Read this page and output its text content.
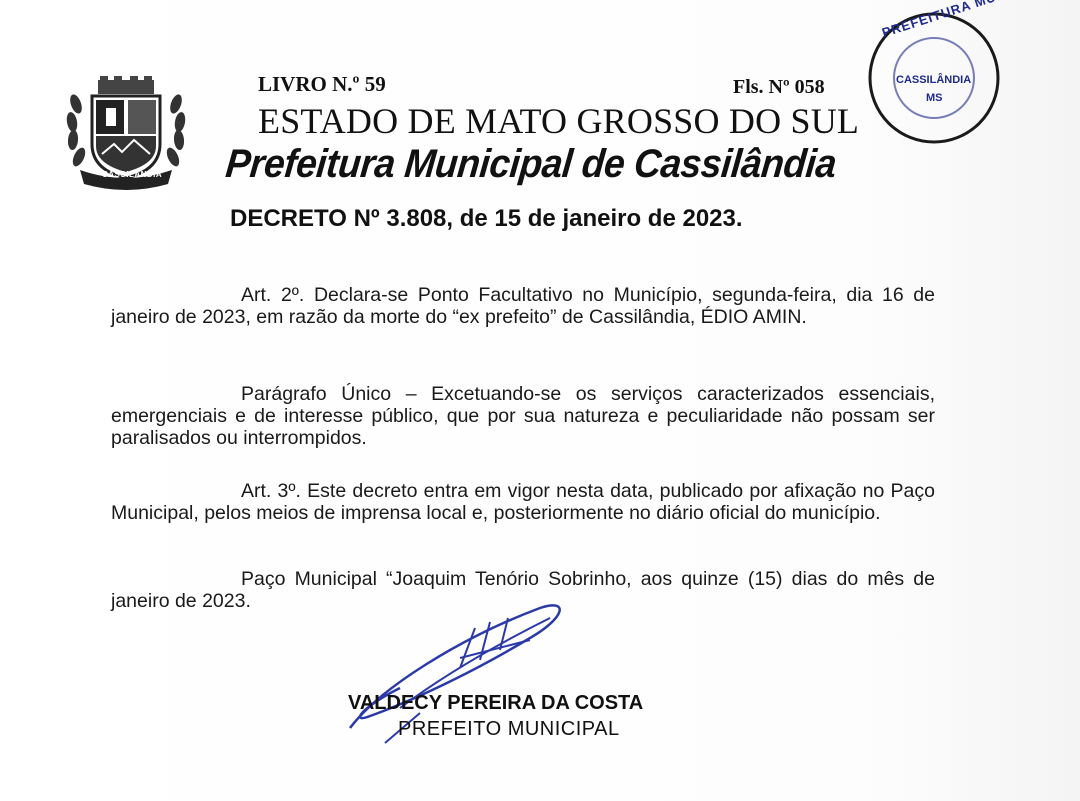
CASSILÂNDIA
CASSILÂNDIA
MS
LIVRO N.º 59	Fls. Nº 058
ESTADO DE MATO GROSSO DO SUL
Prefeitura Municipal de Cassilândia
DECRETO Nº 3.808, de 15 de janeiro de 2023.
Art. 2º. Declara-se Ponto Facultativo no Município, segunda-feira, dia 16 de janeiro de 2023, em razão da morte do “ex prefeito” de Cassilândia, ÉDIO AMIN.
Parágrafo Único – Excetuando-se os serviços caracterizados essenciais, emergenciais e de interesse público, que por sua natureza e peculiaridade não possam ser paralisados ou interrompidos.
Art. 3º. Este decreto entra em vigor nesta data, publicado por afixação no Paço Municipal, pelos meios de imprensa local e, posteriormente no diário oficial do município.
Paço Municipal “Joaquim Tenório Sobrinho, aos quinze (15) dias do mês de janeiro de 2023.
VALDECY PEREIRA DA COSTA
PREFEITO MUNICIPAL
